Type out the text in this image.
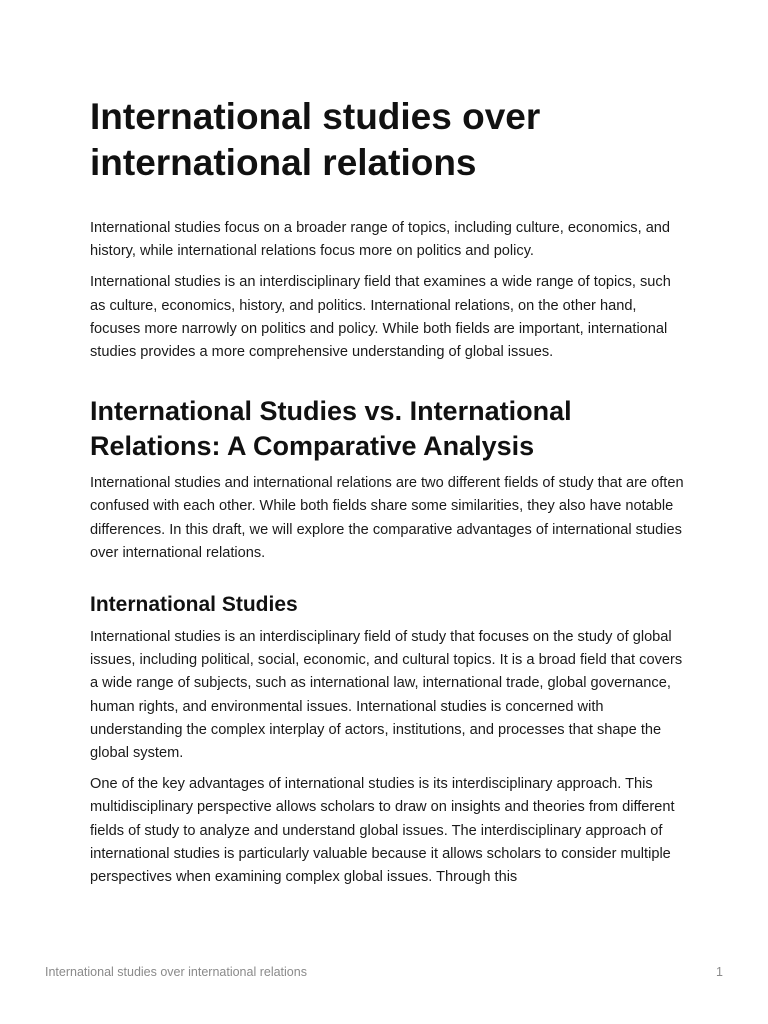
International studies over international relations

International studies focus on a broader range of topics, including culture, economics, and history, while international relations focus more on politics and policy.

International studies is an interdisciplinary field that examines a wide range of topics, such as culture, economics, history, and politics. International relations, on the other hand, focuses more narrowly on politics and policy. While both fields are important, international studies provides a more comprehensive understanding of global issues.

International Studies vs. International Relations: A Comparative Analysis

International studies and international relations are two different fields of study that are often confused with each other. While both fields share some similarities, they also have notable differences. In this draft, we will explore the comparative advantages of international studies over international relations.

International Studies

International studies is an interdisciplinary field of study that focuses on the study of global issues, including political, social, economic, and cultural topics. It is a broad field that covers a wide range of subjects, such as international law, international trade, global governance, human rights, and environmental issues. International studies is concerned with understanding the complex interplay of actors, institutions, and processes that shape the global system.

One of the key advantages of international studies is its interdisciplinary approach. This multidisciplinary perspective allows scholars to draw on insights and theories from different fields of study to analyze and understand global issues. The interdisciplinary approach of international studies is particularly valuable because it allows scholars to consider multiple perspectives when examining complex global issues. Through this

International studies over international relations	1
